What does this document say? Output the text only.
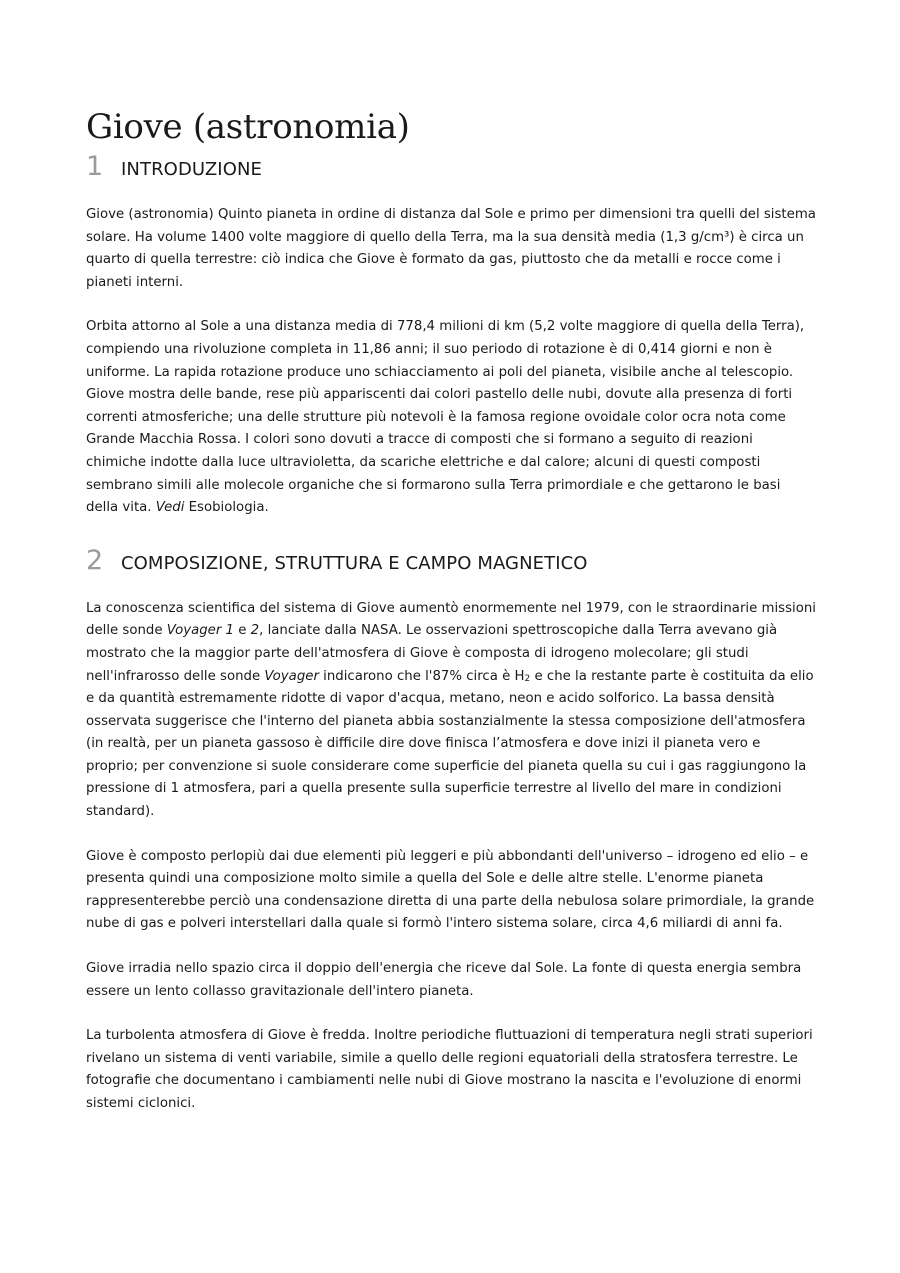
Giove (astronomia)
1 INTRODUZIONE

Giove (astronomia) Quinto pianeta in ordine di distanza dal Sole e primo per dimensioni tra quelli del sistema solare. Ha volume 1400 volte maggiore di quello della Terra, ma la sua densità media (1,3 g/cm³) è circa un quarto di quella terrestre: ciò indica che Giove è formato da gas, piuttosto che da metalli e rocce come i pianeti interni.

Orbita attorno al Sole a una distanza media di 778,4 milioni di km (5,2 volte maggiore di quella della Terra), compiendo una rivoluzione completa in 11,86 anni; il suo periodo di rotazione è di 0,414 giorni e non è uniforme. La rapida rotazione produce uno schiacciamento ai poli del pianeta, visibile anche al telescopio. Giove mostra delle bande, rese più appariscenti dai colori pastello delle nubi, dovute alla presenza di forti correnti atmosferiche; una delle strutture più notevoli è la famosa regione ovoidale color ocra nota come Grande Macchia Rossa. I colori sono dovuti a tracce di composti che si formano a seguito di reazioni chimiche indotte dalla luce ultravioletta, da scariche elettriche e dal calore; alcuni di questi composti sembrano simili alle molecole organiche che si formarono sulla Terra primordiale e che gettarono le basi della vita. Vedi Esobiologia.

2 COMPOSIZIONE, STRUTTURA E CAMPO MAGNETICO

La conoscenza scientifica del sistema di Giove aumentò enormemente nel 1979, con le straordinarie missioni delle sonde Voyager 1 e 2, lanciate dalla NASA. Le osservazioni spettroscopiche dalla Terra avevano già mostrato che la maggior parte dell'atmosfera di Giove è composta di idrogeno molecolare; gli studi nell'infrarosso delle sonde Voyager indicarono che l'87% circa è $H_2$ e che la restante parte è costituita da elio e da quantità estremamente ridotte di vapor d'acqua, metano, neon e acido solforico. La bassa densità osservata suggerisce che l'interno del pianeta abbia sostanzialmente la stessa composizione dell'atmosfera (in realtà, per un pianeta gassoso è difficile dire dove finisca l’atmosfera e dove inizi il pianeta vero e proprio; per convenzione si suole considerare come superficie del pianeta quella su cui i gas raggiungono la pressione di 1 atmosfera, pari a quella presente sulla superficie terrestre al livello del mare in condizioni standard).

Giove è composto perlopiù dai due elementi più leggeri e più abbondanti dell'universo – idrogeno ed elio – e presenta quindi una composizione molto simile a quella del Sole e delle altre stelle. L'enorme pianeta rappresenterebbe perciò una condensazione diretta di una parte della nebulosa solare primordiale, la grande nube di gas e polveri interstellari dalla quale si formò l'intero sistema solare, circa 4,6 miliardi di anni fa.

Giove irradia nello spazio circa il doppio dell'energia che riceve dal Sole. La fonte di questa energia sembra essere un lento collasso gravitazionale dell'intero pianeta.

La turbolenta atmosfera di Giove è fredda. Inoltre periodiche fluttuazioni di temperatura negli strati superiori rivelano un sistema di venti variabile, simile a quello delle regioni equatoriali della stratosfera terrestre. Le fotografie che documentano i cambiamenti nelle nubi di Giove mostrano la nascita e l'evoluzione di enormi sistemi ciclonici.
